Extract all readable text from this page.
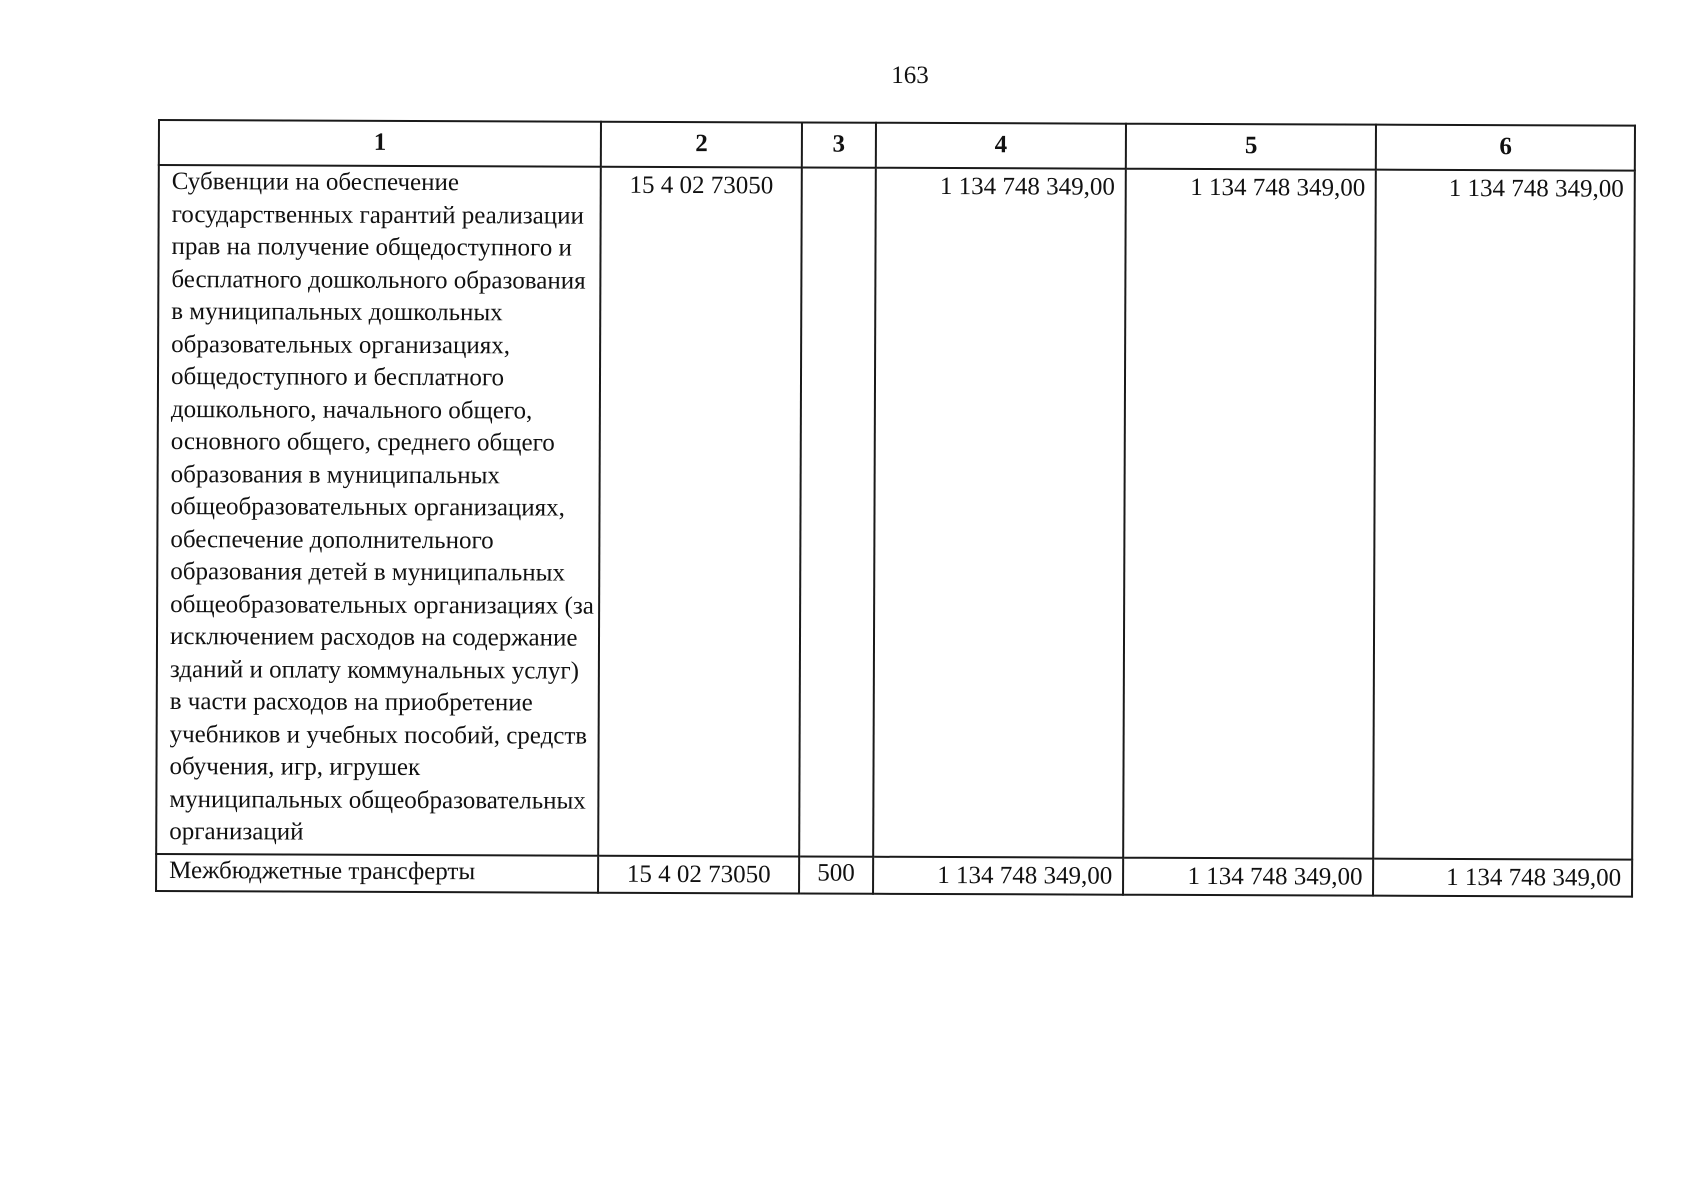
163
1	2	3	4	5	6

Субвенции на обеспечение государственных гарантий реализации прав на получение общедоступного и бесплатного дошкольного образования в муниципальных дошкольных образовательных организациях, общедоступного и бесплатного дошкольного, начального общего, основного общего, среднего общего образования в муниципальных общеобразовательных организациях, обеспечение дополнительного образования детей в муниципальных общеобразовательных организациях (за исключением расходов на содержание зданий и оплату коммунальных услуг) в части расходов на приобретение учебников и учебных пособий, средств обучения, игр, игрушек муниципальных общеобразовательных организаций	15 4 02 73050		1 134 748 349,00	1 134 748 349,00	1 134 748 349,00
Межбюджетные трансферты	15 4 02 73050	500	1 134 748 349,00	1 134 748 349,00	1 134 748 349,00
